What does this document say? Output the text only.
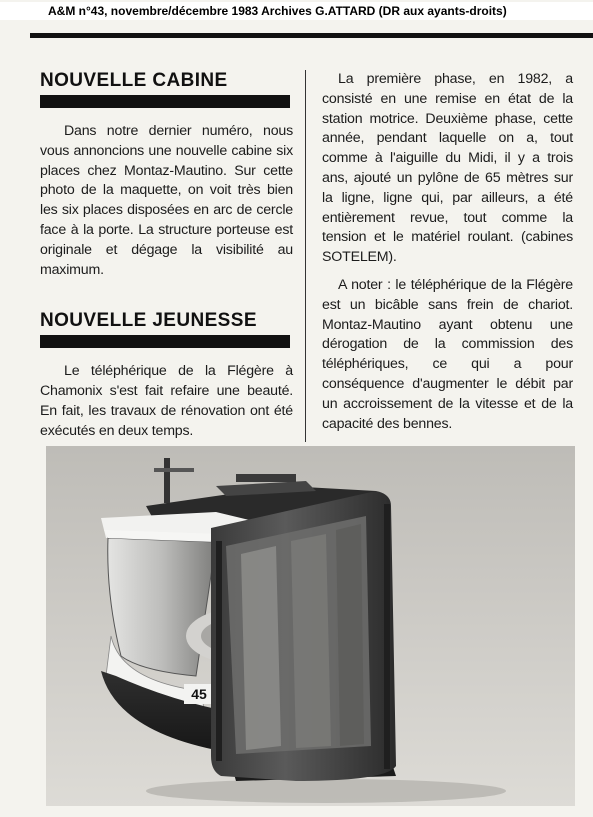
A&M n°43, novembre/décembre 1983 Archives G.ATTARD (DR aux ayants-droits)
NOUVELLE CABINE

Dans notre dernier numéro, nous vous annoncions une nouvelle cabine six places chez Montaz-Mautino. Sur cette photo de la maquette, on voit très bien les six places disposées en arc de cercle face à la porte. La structure porteuse est originale et dégage la visibilité au maximum.

NOUVELLE JEUNESSE

Le téléphérique de la Flégère à Chamonix s'est fait refaire une beauté. En fait, les travaux de rénovation ont été exécutés en deux temps.

La première phase, en 1982, a consisté en une remise en état de la station motrice. Deuxième phase, cette année, pendant laquelle on a, tout comme à l'aiguille du Midi, il y a trois ans, ajouté un pylône de 65 mètres sur la ligne, ligne qui, par ailleurs, a été entièrement revue, tout comme la tension et le matériel roulant. (cabines SOTELEM).

A noter : le téléphérique de la Flégère est un bicâble sans frein de chariot. Montaz-Mautino ayant obtenu une dérogation de la commission des téléphériques, ce qui a pour conséquence d'augmenter le débit par un accroissement de la vitesse et de la capacité des bennes.

45
